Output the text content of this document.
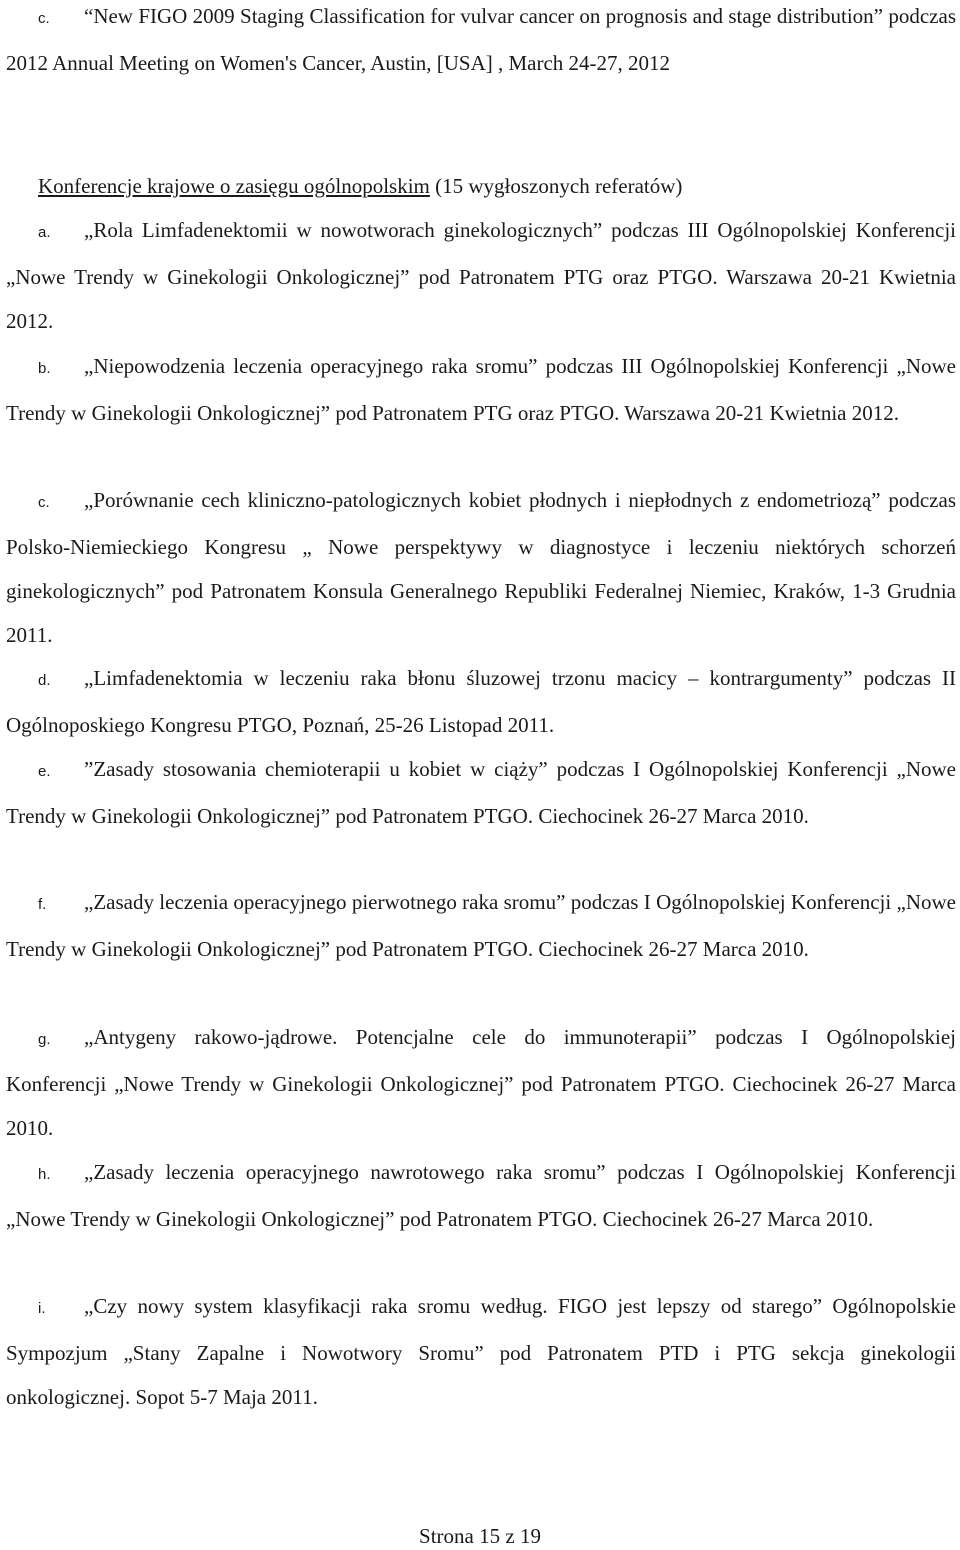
c. “New FIGO 2009 Staging Classification for vulvar cancer on prognosis and stage distribution” podczas 2012 Annual Meeting on Women's Cancer, Austin, [USA] , March 24-27, 2012

Konferencje krajowe o zasięgu ogólnopolskim (15 wygłoszonych referatów)

a. „Rola Limfadenektomii w nowotworach ginekologicznych” podczas III Ogólnopolskiej Konferencji „Nowe Trendy w Ginekologii Onkologicznej” pod Patronatem PTG oraz PTGO. Warszawa 20-21 Kwietnia 2012.

b. „Niepowodzenia leczenia operacyjnego raka sromu” podczas III Ogólnopolskiej Konferencji „Nowe Trendy w Ginekologii Onkologicznej” pod Patronatem PTG oraz PTGO. Warszawa 20-21 Kwietnia 2012.

c. „Porównanie cech kliniczno-patologicznych kobiet płodnych i niepłodnych z endometriozą” podczas Polsko-Niemieckiego Kongresu „ Nowe perspektywy w diagnostyce i leczeniu niektórych schorzeń ginekologicznych” pod Patronatem Konsula Generalnego Republiki Federalnej Niemiec, Kraków, 1-3 Grudnia 2011.

d. „Limfadenektomia w leczeniu raka błonu śluzowej trzonu macicy – kontrargumenty” podczas II Ogólnoposkiego Kongresu PTGO, Poznań, 25-26 Listopad 2011.

e. ”Zasady stosowania chemioterapii u kobiet w ciąży” podczas I Ogólnopolskiej Konferencji „Nowe Trendy w Ginekologii Onkologicznej” pod Patronatem PTGO. Ciechocinek 26-27 Marca 2010.

f. „Zasady leczenia operacyjnego pierwotnego raka sromu” podczas I Ogólnopolskiej Konferencji „Nowe Trendy w Ginekologii Onkologicznej” pod Patronatem PTGO. Ciechocinek 26-27 Marca 2010.

g. „Antygeny rakowo-jądrowe. Potencjalne cele do immunoterapii” podczas I Ogólnopolskiej Konferencji „Nowe Trendy w Ginekologii Onkologicznej” pod Patronatem PTGO. Ciechocinek 26-27 Marca 2010.

h. „Zasady leczenia operacyjnego nawrotowego raka sromu” podczas I Ogólnopolskiej Konferencji „Nowe Trendy w Ginekologii Onkologicznej” pod Patronatem PTGO. Ciechocinek 26-27 Marca 2010.

i. „Czy nowy system klasyfikacji raka sromu według. FIGO jest lepszy od starego” Ogólnopolskie Sympozjum „Stany Zapalne i Nowotwory Sromu” pod Patronatem PTD i PTG sekcja ginekologii onkologicznej. Sopot 5-7 Maja 2011.

Strona 15 z 19
